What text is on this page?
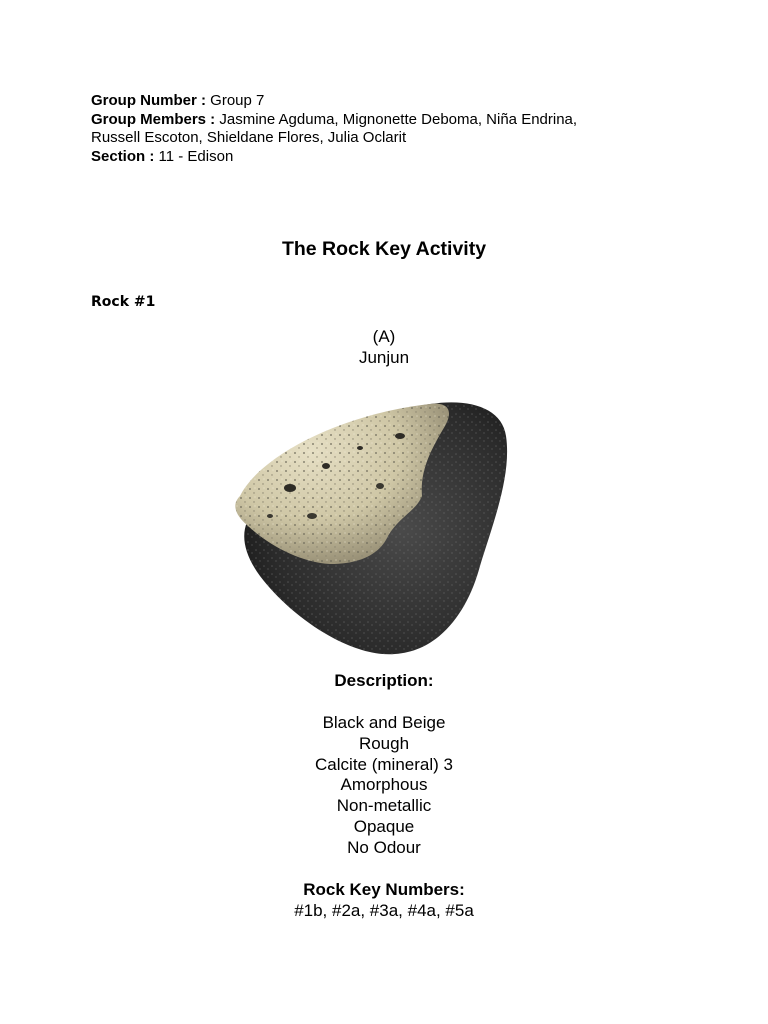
Group Number : Group 7
Group Members : Jasmine Agduma, Mignonette Deboma, Niña Endrina,
Russell Escoton, Shieldane Flores, Julia Oclarit
Section : 11 - Edison
The Rock Key Activity
Rock #1
(A)
Junjun
Description:
Black and Beige
Rough
Calcite (mineral) 3
Amorphous
Non-metallic
Opaque
No Odour
Rock Key Numbers:
#1b, #2a, #3a, #4a, #5a
